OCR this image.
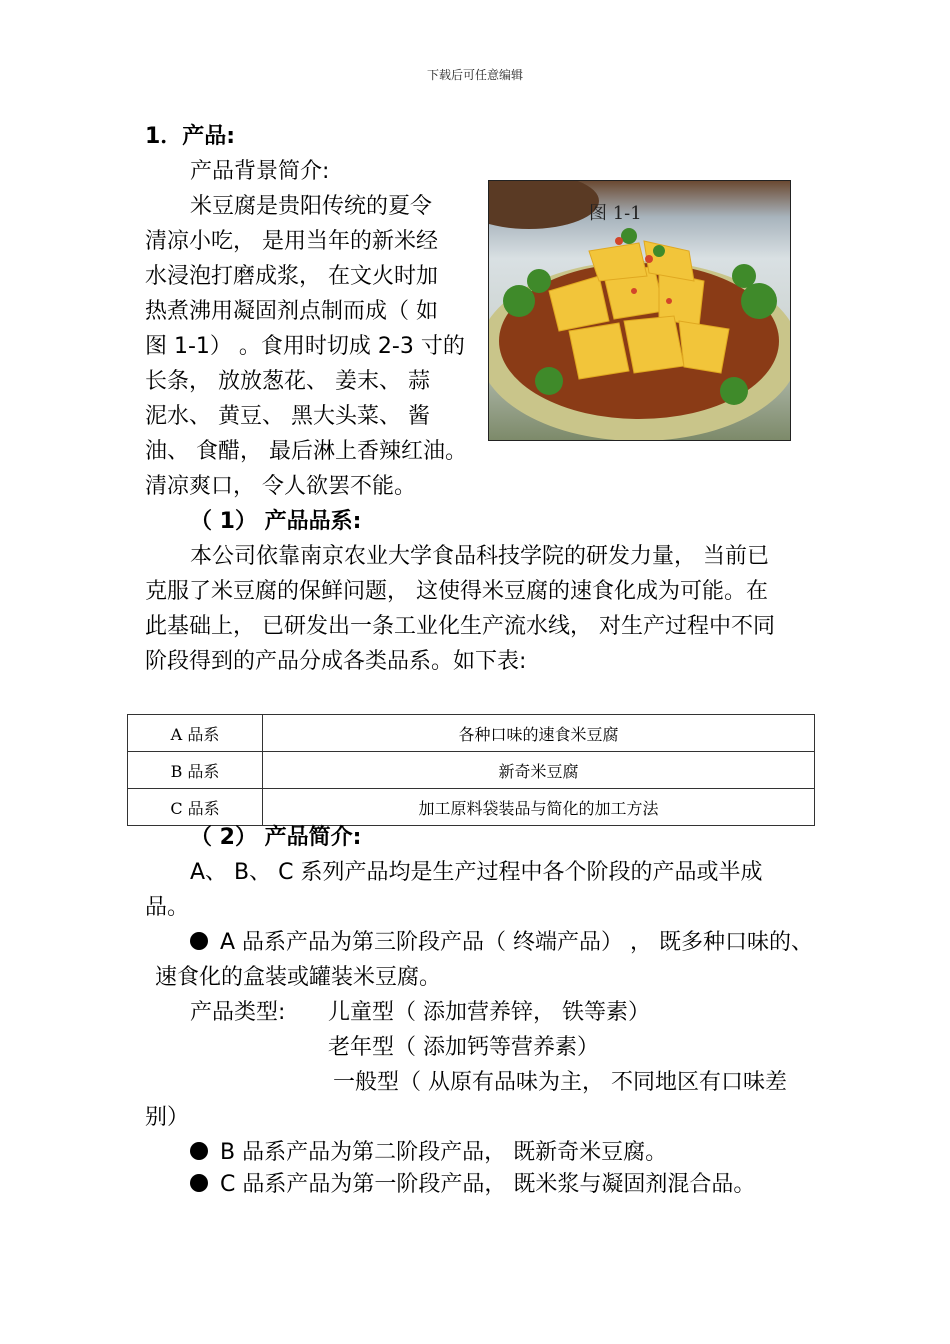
下载后可任意编辑
1．产品:
产品背景简介:
米豆腐是贵阳传统的夏令
清凉小吃， 是用当年的新米经
水浸泡打磨成浆， 在文火时加
热煮沸用凝固剂点制而成（ 如
图 1-1） 。食用时切成 2-3 寸的
长条， 放放葱花、 姜末、 蒜
泥水、 黄豆、 黑大头菜、 酱
油、 食醋， 最后淋上香辣红油。
清凉爽口， 令人欲罢不能。
图 1-1
（ 1） 产品品系:
本公司依靠南京农业大学食品科技学院的研发力量， 当前已
克服了米豆腐的保鲜问题， 这使得米豆腐的速食化成为可能。在
此基础上， 已研发出一条工业化生产流水线， 对生产过程中不同
阶段得到的产品分成各类品系。如下表:
A 品系	各种口味的速食米豆腐
B 品系	新奇米豆腐
C 品系	加工原料袋装品与简化的加工方法
（ 2） 产品简介:
A、 B、 C 系列产品均是生产过程中各个阶段的产品或半成
品。
A 品系产品为第三阶段产品（ 终端产品） ， 既多种口味的、
速食化的盒装或罐装米豆腐。
产品类型: 儿童型（ 添加营养锌， 铁等素）
老年型（ 添加钙等营养素）
一般型（ 从原有品味为主， 不同地区有口味差
别）
B 品系产品为第二阶段产品， 既新奇米豆腐。
C 品系产品为第一阶段产品， 既米浆与凝固剂混合品。
